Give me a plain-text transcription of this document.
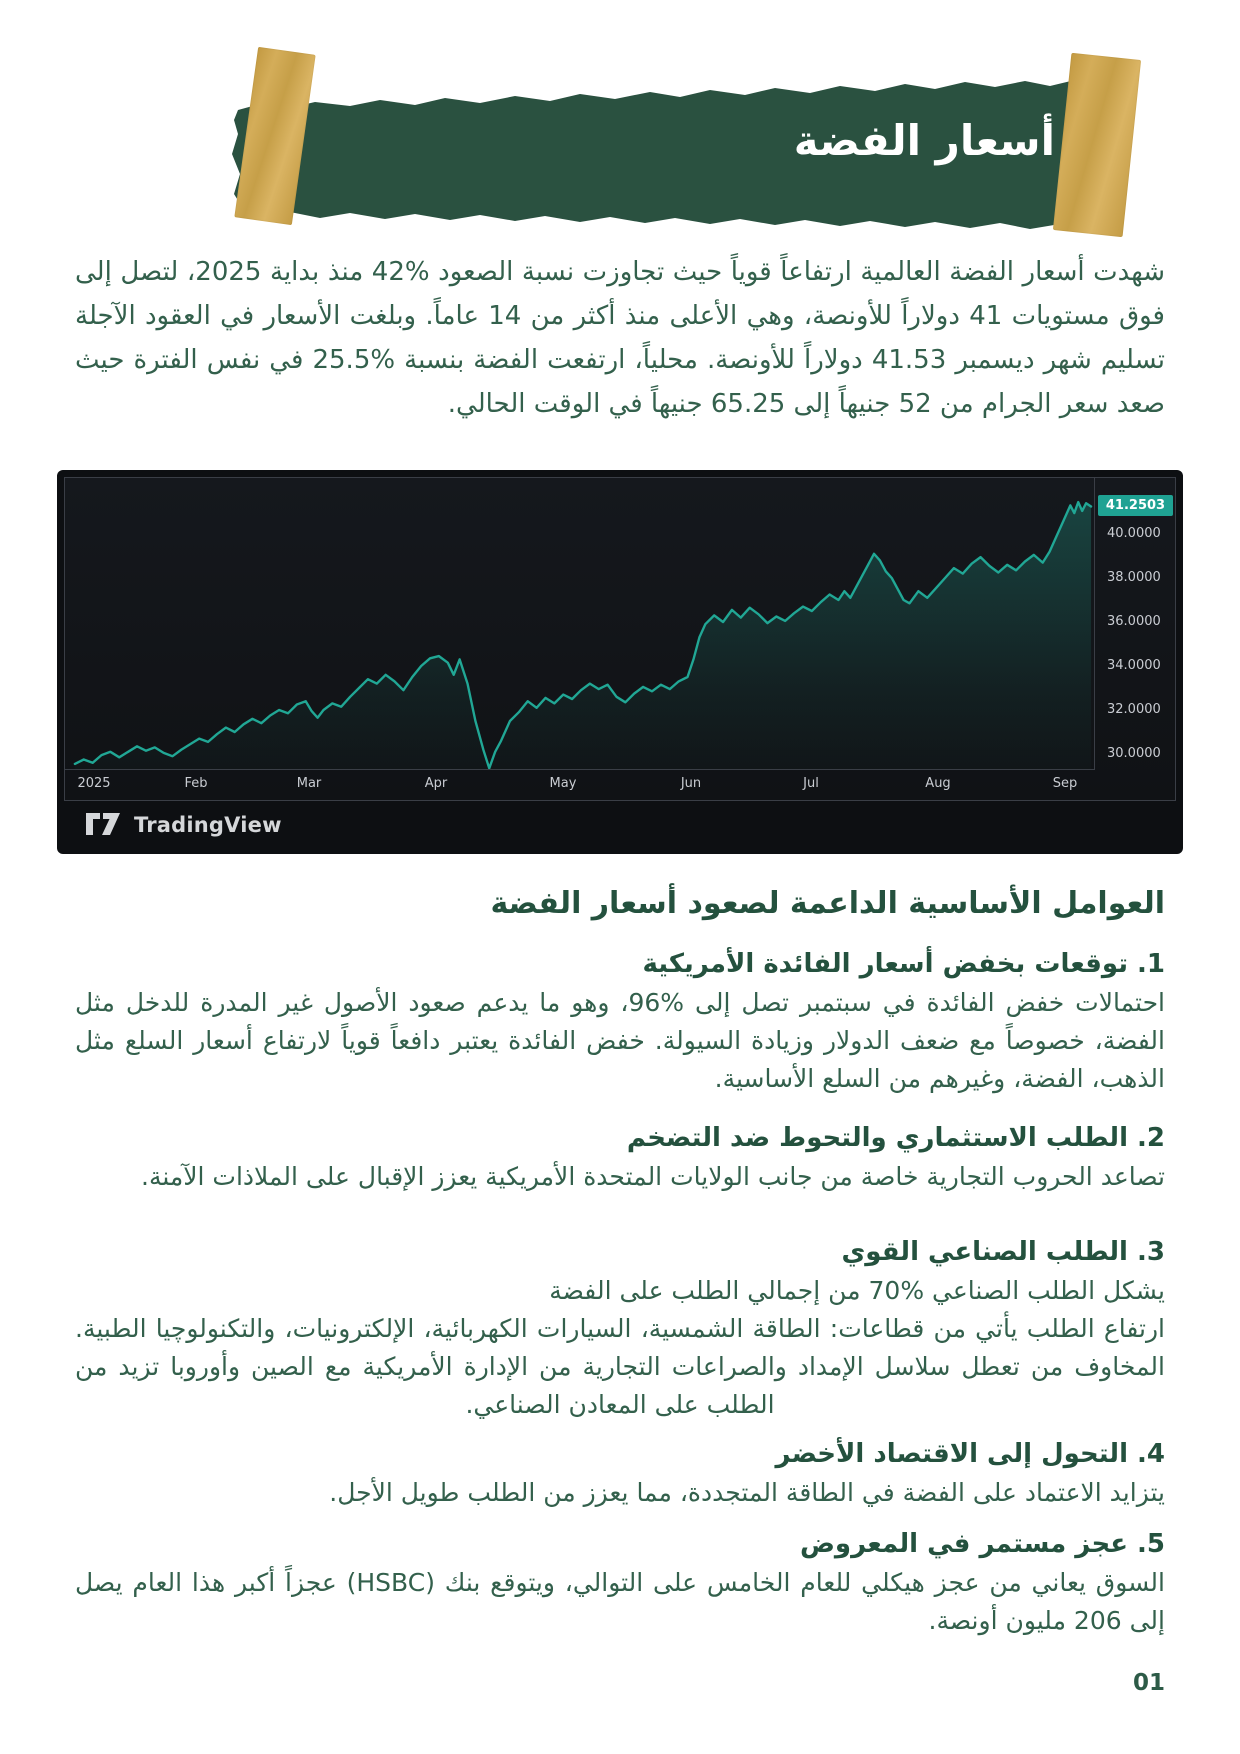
أسعار الفضة

شهدت أسعار الفضة العالمية ارتفاعاً قوياً حيث تجاوزت نسبة الصعود %42 منذ بداية 2025، لتصل إلى فوق مستويات 41 دولاراً للأونصة، وهي الأعلى منذ أكثر من 14 عاماً. وبلغت الأسعار في العقود الآجلة تسليم شهر ديسمبر 41.53 دولاراً للأونصة. محلياً، ارتفعت الفضة بنسبة %25.5 في نفس الفترة حيث صعد سعر الجرام من 52 جنيهاً إلى 65.25 جنيهاً في الوقت الحالي.

40.0000
38.0000
36.0000
34.0000
32.0000
30.0000
2025	Feb	Mar	Apr	May	Jun	Jul	Aug	Sep
41.2503
TradingView
العوامل الأساسية الداعمة لصعود أسعار الفضة
1. توقعات بخفض أسعار الفائدة الأمريكية

احتمالات خفض الفائدة في سبتمبر تصل إلى %96، وهو ما يدعم صعود الأصول غير المدرة للدخل مثل الفضة، خصوصاً مع ضعف الدولار وزيادة السيولة. خفض الفائدة يعتبر دافعاً قوياً لارتفاع أسعار السلع مثل الذهب، الفضة، وغيرهم من السلع الأساسية.

2. الطلب الاستثماري والتحوط ضد التضخم

تصاعد الحروب التجارية خاصة من جانب الولايات المتحدة الأمريكية يعزز الإقبال على الملاذات الآمنة.

3. الطلب الصناعي القوي

يشكل الطلب الصناعي %70 من إجمالي الطلب على الفضة

ارتفاع الطلب يأتي من قطاعات: الطاقة الشمسية، السيارات الكهربائية، الإلكترونيات، والتكنولوچيا الطبية. المخاوف من تعطل سلاسل الإمداد والصراعات التجارية من الإدارة الأمريكية مع الصين وأوروبا تزيد من الطلب على المعادن الصناعي.

4. التحول إلى الاقتصاد الأخضر

يتزايد الاعتماد على الفضة في الطاقة المتجددة، مما يعزز من الطلب طويل الأجل.

5. عجز مستمر في المعروض

السوق يعاني من عجز هيكلي للعام الخامس على التوالي، ويتوقع بنك (HSBC) عجزاً أكبر هذا العام يصل إلى 206 مليون أونصة.

01
